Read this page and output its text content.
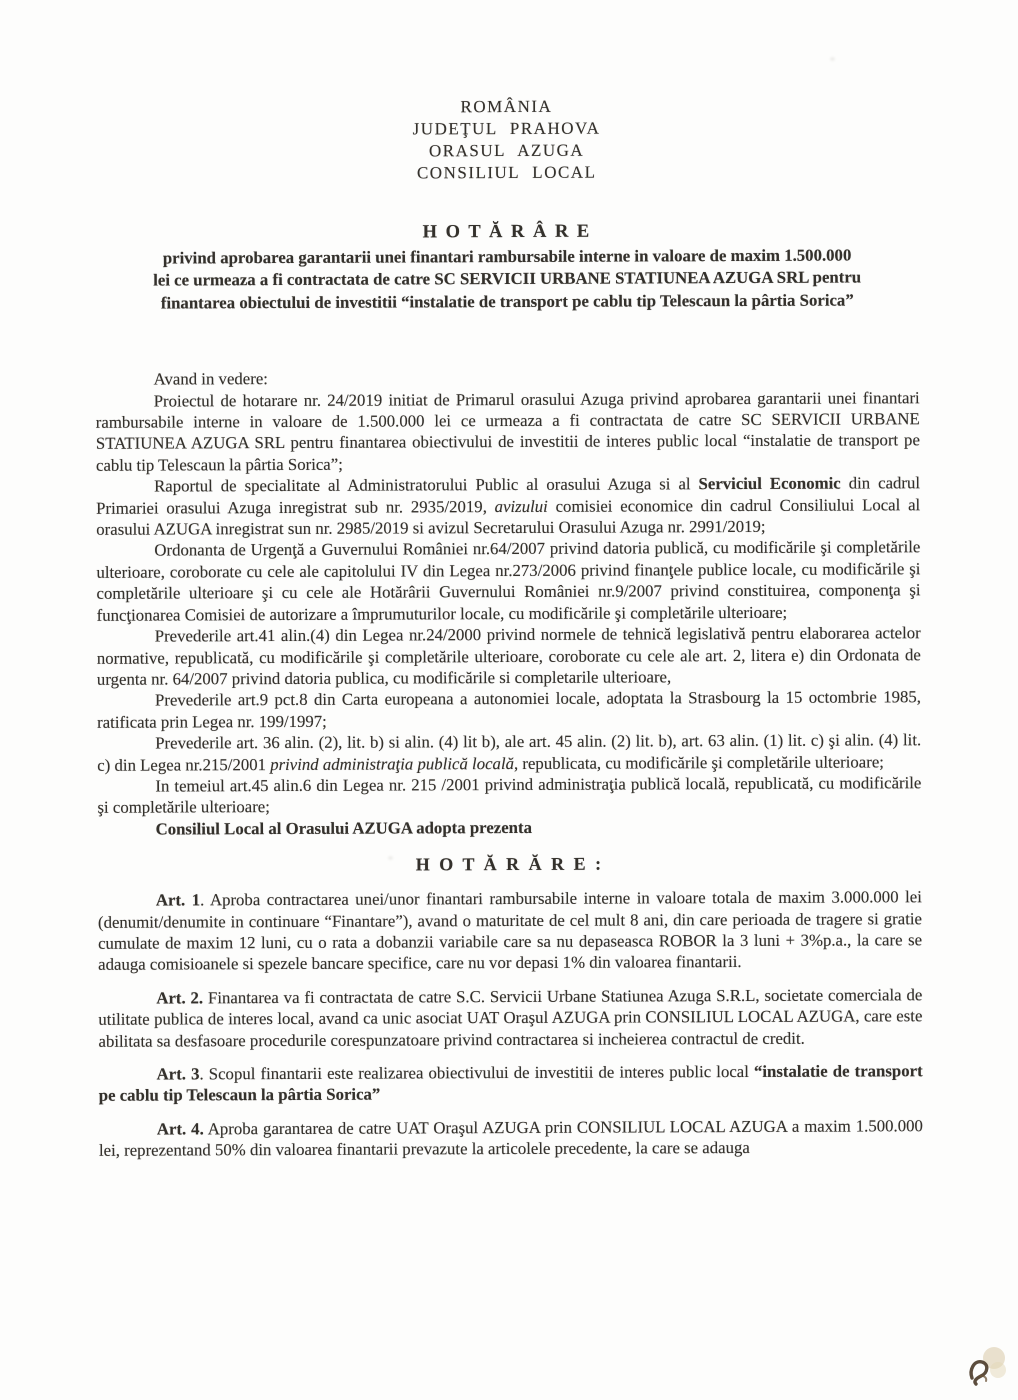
ROMÂNIA
JUDEŢUL PRAHOVA
ORASUL AZUGA
CONSILIUL LOCAL
H O T Ă R Â R E
privind aprobarea garantarii unei finantari rambursabile interne in valoare de maxim 1.500.000
lei ce urmeaza a fi contractata de catre SC SERVICII URBANE STATIUNEA AZUGA SRL pentru
finantarea obiectului de investitii “instalatie de transport pe cablu tip Telescaun la pârtia Sorica”

Avand in vedere:

Proiectul de hotarare nr. 24/2019 initiat de Primarul orasului Azuga privind aprobarea garantarii unei finantari rambursabile interne in valoare de 1.500.000 lei ce urmeaza a fi contractata de catre SC SERVICII URBANE STATIUNEA AZUGA SRL pentru finantarea obiectivului de investitii de interes public local “instalatie de transport pe cablu tip Telescaun la pârtia Sorica”;

Raportul de specialitate al Administratorului Public al orasului Azuga si al Serviciul Economic din cadrul Primariei orasului Azuga inregistrat sub nr. 2935/2019, avizului comisiei economice din cadrul Consiliului Local al orasului AZUGA inregistrat sun nr. 2985/2019 si avizul Secretarului Orasului Azuga nr. 2991/2019;

Ordonanta de Urgenţă a Guvernului României nr.64/2007 privind datoria publică, cu modificările şi completările ulterioare, coroborate cu cele ale capitolului IV din Legea nr.273/2006 privind finanţele publice locale, cu modificările şi completările ulterioare şi cu cele ale Hotărârii Guvernului României nr.9/2007 privind constituirea, componenţa şi funcţionarea Comisiei de autorizare a împrumuturilor locale, cu modificările şi completările ulterioare;

Prevederile art.41 alin.(4) din Legea nr.24/2000 privind normele de tehnică legislativă pentru elaborarea actelor normative, republicată, cu modificările şi completările ulterioare, coroborate cu cele ale art. 2, litera e) din Ordonata de urgenta nr. 64/2007 privind datoria publica, cu modificările si completarile ulterioare,

Prevederile art.9 pct.8 din Carta europeana a autonomiei locale, adoptata la Strasbourg la 15 octombrie 1985, ratificata prin Legea nr. 199/1997;

Prevederile art. 36 alin. (2), lit. b) si alin. (4) lit b), ale art. 45 alin. (2) lit. b), art. 63 alin. (1) lit. c) şi alin. (4) lit. c) din Legea nr.215/2001 privind administraţia publică locală, republicata, cu modificările şi completările ulterioare;

In temeiul art.45 alin.6 din Legea nr. 215 /2001 privind administraţia publică locală, republicată, cu modificările şi completările ulterioare;

Consiliul Local al Orasului AZUGA adopta prezenta

H O T Ă R Ă R E :

Art. 1. Aproba contractarea unei/unor finantari rambursabile interne in valoare totala de maxim 3.000.000 lei (denumit/denumite in continuare “Finantare”), avand o maturitate de cel mult 8 ani, din care perioada de tragere si gratie cumulate de maxim 12 luni, cu o rata a dobanzii variabile care sa nu depaseasca ROBOR la 3 luni + 3%p.a., la care se adauga comisioanele si spezele bancare specifice, care nu vor depasi 1% din valoarea finantarii.

Art. 2. Finantarea va fi contractata de catre S.C. Servicii Urbane Statiunea Azuga S.R.L, societate comerciala de utilitate publica de interes local, avand ca unic asociat UAT Oraşul AZUGA prin CONSILIUL LOCAL AZUGA, care este abilitata sa desfasoare procedurile corespunzatoare privind contractarea si incheierea contractul de credit.

Art. 3. Scopul finantarii este realizarea obiectivului de investitii de interes public local “instalatie de transport pe cablu tip Telescaun la pârtia Sorica”

Art. 4. Aproba garantarea de catre UAT Oraşul AZUGA prin CONSILIUL LOCAL AZUGA a maxim 1.500.000 lei, reprezentand 50% din valoarea finantarii prevazute la articolele precedente, la care se adauga
